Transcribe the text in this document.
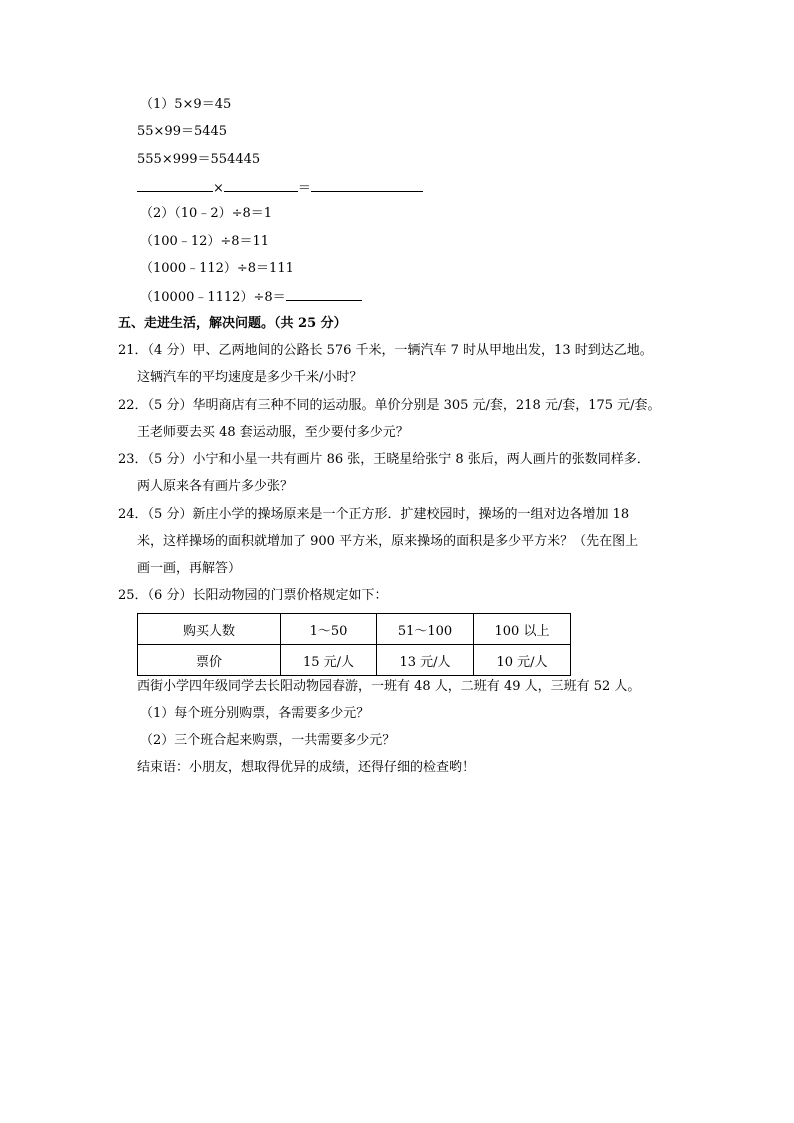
（1）5×9＝45
55×99＝5445
555×999＝554445
×	＝
（2）（10﹣2）÷8＝1
（100﹣12）÷8＝11
（1000﹣112）÷8＝111
（10000﹣1112）÷8＝
五、走进生活，解决问题。（共 25 分）
21．（4 分）甲、乙两地间的公路长 576 千米，一辆汽车 7 时从甲地出发，13 时到达乙地。
这辆汽车的平均速度是多少千米/小时？
22．（5 分）华明商店有三种不同的运动服。单价分别是 305 元/套，218 元/套，175 元/套。
王老师要去买 48 套运动服，至少要付多少元？
23．（5 分）小宁和小星一共有画片 86 张，王晓星给张宁 8 张后，两人画片的张数同样多．
两人原来各有画片多少张？
24．（5 分）新庄小学的操场原来是一个正方形．扩建校园时，操场的一组对边各增加 18
米，这样操场的面积就增加了 900 平方米，原来操场的面积是多少平方米？（先在图上
画一画，再解答）
25．（6 分）长阳动物园的门票价格规定如下：
购买人数	1～50	51～100	100 以上
票价	15 元/人	13 元/人	10 元/人
西街小学四年级同学去长阳动物园春游，一班有 48 人，二班有 49 人，三班有 52 人。
（1）每个班分别购票，各需要多少元？
（2）三个班合起来购票，一共需要多少元？
结束语：小朋友，想取得优异的成绩，还得仔细的检查哟！
